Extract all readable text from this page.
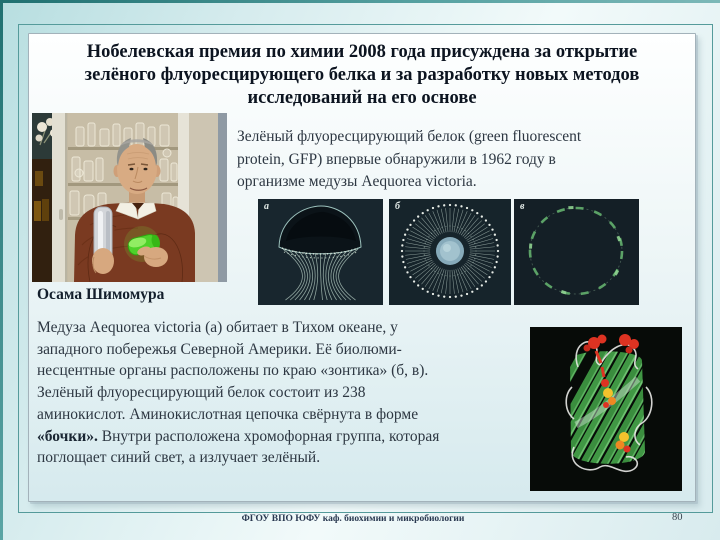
Нобелевская премия по химии 2008 года присуждена за открытие
зелёного флуоресцирующего белка и за разработку новых методов
исследований на его основе
Осама Шимомура
Зелёный флуоресцирующий белок (green fluorescent
protein, GFP) впервые обнаружили в 1962 году в
организме медузы Aequorea victoria.
а	б	в
Медуза Aequorea victoria (а) обитает в Тихом океане, у
западного побережья Северной Америки. Её биолюми-
несцентные органы расположены по краю «зонтика» (б, в).
Зелёный флуоресцирующий белок состоит из 238
аминокислот. Аминокислотная цепочка свёрнута в форме
«бочки». Внутри расположена хромофорная группа, которая
поглощает синий свет, а излучает зелёный.
ФГОУ ВПО ЮФУ каф. биохимии и микробиологии	80
